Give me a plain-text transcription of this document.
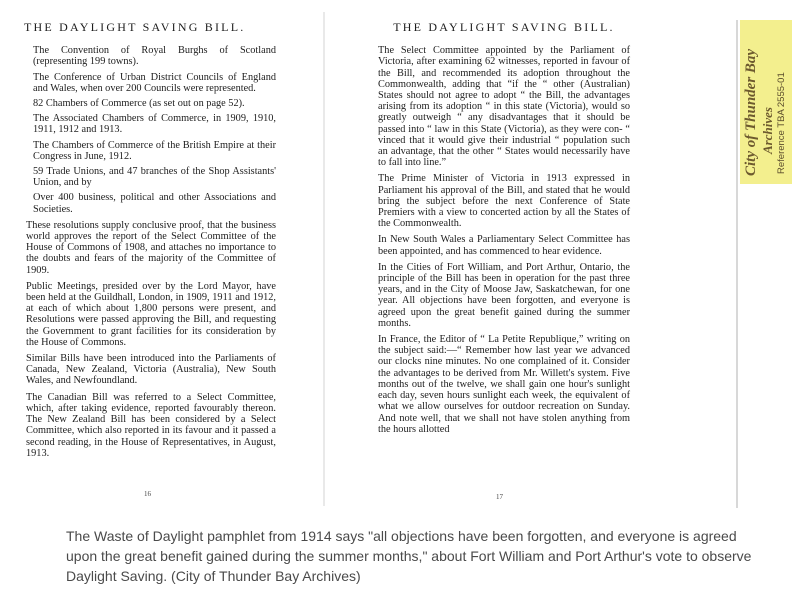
THE DAYLIGHT SAVING BILL.
The Convention of Royal Burghs of Scotland (representing 199 towns).
The Conference of Urban District Councils of England and Wales, when over 200 Councils were represented.
82 Chambers of Commerce (as set out on page 52).
The Associated Chambers of Commerce, in 1909, 1910, 1911, 1912 and 1913.
The Chambers of Commerce of the British Empire at their Congress in June, 1912.
59 Trade Unions, and 47 branches of the Shop Assistants' Union, and by
Over 400 business, political and other Associations and Societies.
These resolutions supply conclusive proof, that the business world approves the report of the Select Committee of the House of Commons of 1908, and attaches no importance to the doubts and fears of the majority of the Committee of 1909.
Public Meetings, presided over by the Lord Mayor, have been held at the Guildhall, London, in 1909, 1911 and 1912, at each of which about 1,800 persons were present, and Resolutions were passed approving the Bill, and requesting the Government to grant facilities for its consideration by the House of Commons.
Similar Bills have been introduced into the Parliaments of Canada, New Zealand, Victoria (Australia), New South Wales, and Newfoundland.
The Canadian Bill was referred to a Select Committee, which, after taking evidence, reported favourably thereon. The New Zealand Bill has been considered by a Select Committee, which also reported in its favour and it passed a second reading, in the House of Representatives, in August, 1913.
16
THE DAYLIGHT SAVING BILL.
The Select Committee appointed by the Parliament of Victoria, after examining 62 witnesses, reported in favour of the Bill, and recommended its adoption throughout the Commonwealth, adding that “if the “ other (Australian) States should not agree to adopt “ the Bill, the advantages arising from its adoption “ in this state (Victoria), would so greatly outweigh “ any disadvantages that it should be passed into “ law in this State (Victoria), as they were con- “ vinced that it would give their industrial “ population such an advantage, that the other “ States would necessarily have to fall into line.”
The Prime Minister of Victoria in 1913 expressed in Parliament his approval of the Bill, and stated that he would bring the subject before the next Conference of State Premiers with a view to concerted action by all the States of the Commonwealth.
In New South Wales a Parliamentary Select Committee has been appointed, and has commenced to hear evidence.
In the Cities of Fort William, and Port Arthur, Ontario, the principle of the Bill has been in operation for the past three years, and in the City of Moose Jaw, Saskatchewan, for one year. All objections have been forgotten, and everyone is agreed upon the great benefit gained during the summer months.
In France, the Editor of “ La Petite Republique,” writing on the subject said:—“ Remember how last year we advanced our clocks nine minutes. No one complained of it. Consider the advantages to be derived from Mr. Willett's system. Five months out of the twelve, we shall gain one hour's sunlight each day, seven hours sunlight each week, the equivalent of what we allow ourselves for outdoor recreation on Sunday. And note well, that we shall not have stolen anything from the hours allotted
17
City of Thunder Bay Archives Reference TBA 2555-01
The Waste of Daylight pamphlet from 1914 says "all objections have been forgotten, and everyone is agreed upon the great benefit gained during the summer months," about Fort William and Port Arthur's vote to observe Daylight Saving. (City of Thunder Bay Archives)
